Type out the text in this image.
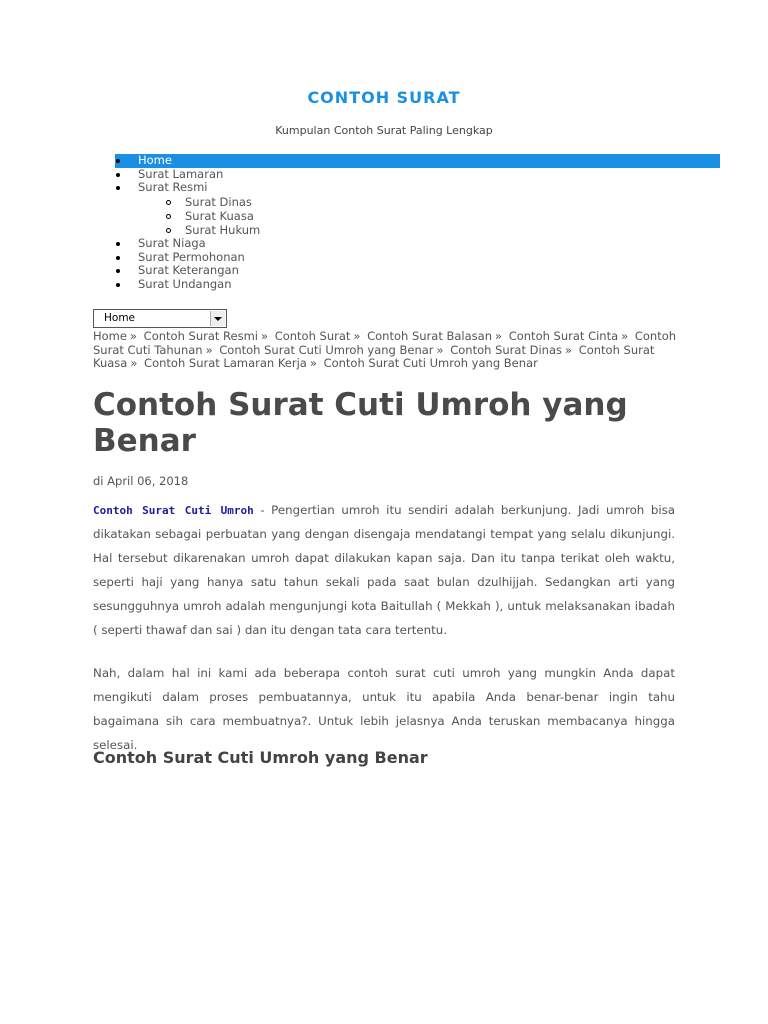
CONTOH SURAT

Kumpulan Contoh Surat Paling Lengkap

Home
Surat Lamaran
Surat Resmi
Surat Dinas
Surat Kuasa
Surat Hukum
Surat Niaga
Surat Permohonan
Surat Keterangan
Surat Undangan
Home

Home » Contoh Surat Resmi » Contoh Surat » Contoh Surat Balasan » Contoh Surat Cinta » Contoh Surat Cuti Tahunan » Contoh Surat Cuti Umroh yang Benar » Contoh Surat Dinas » Contoh Surat Kuasa » Contoh Surat Lamaran Kerja » Contoh Surat Cuti Umroh yang Benar

Contoh Surat Cuti Umroh yang Benar

di April 06, 2018

Contoh Surat Cuti Umroh - Pengertian umroh itu sendiri adalah berkunjung. Jadi umroh bisa dikatakan sebagai perbuatan yang dengan disengaja mendatangi tempat yang selalu dikunjungi. Hal tersebut dikarenakan umroh dapat dilakukan kapan saja. Dan itu tanpa terikat oleh waktu, seperti haji yang hanya satu tahun sekali pada saat bulan dzulhijjah. Sedangkan arti yang sesungguhnya umroh adalah mengunjungi kota Baitullah ( Mekkah ), untuk melaksanakan ibadah ( seperti thawaf dan sai ) dan itu dengan tata cara tertentu.

Nah, dalam hal ini kami ada beberapa contoh surat cuti umroh yang mungkin Anda dapat mengikuti dalam proses pembuatannya, untuk itu apabila Anda benar-benar ingin tahu bagaimana sih cara membuatnya?. Untuk lebih jelasnya Anda teruskan membacanya hingga selesai.

Contoh Surat Cuti Umroh yang Benar
